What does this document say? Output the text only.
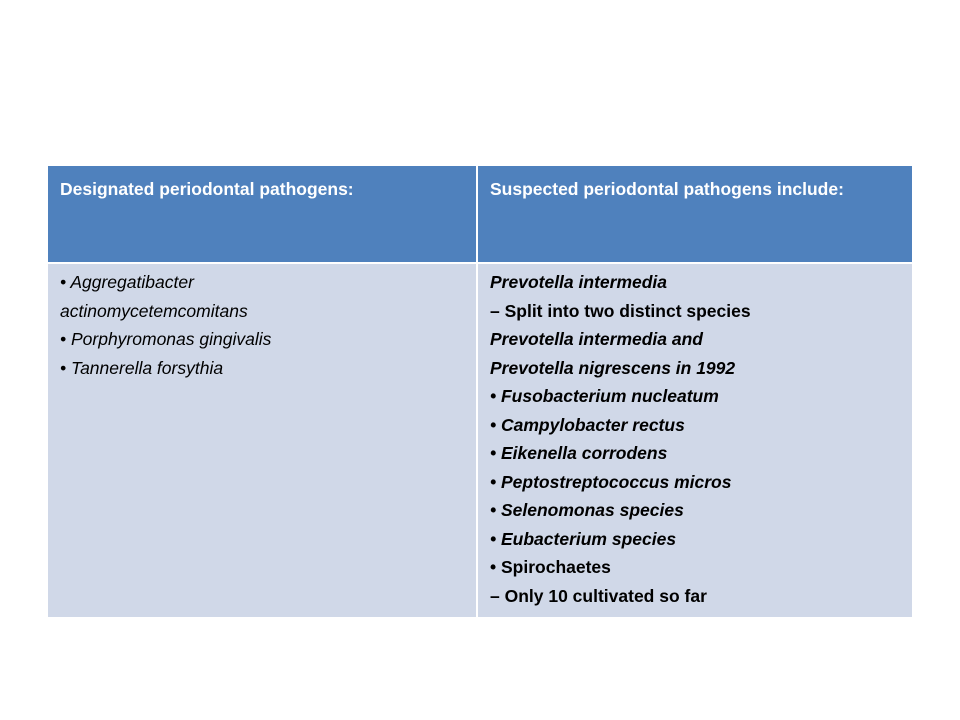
Designated periodontal pathogens:	Suspected periodontal pathogens include:
• Aggregatibacter
actinomycetemcomitans
• Porphyromonas gingivalis
• Tannerella forsythia
Prevotella intermedia
– Split into two distinct species
Prevotella intermedia and
Prevotella nigrescens in 1992
• Fusobacterium nucleatum
• Campylobacter rectus
• Eikenella corrodens
• Peptostreptococcus micros
• Selenomonas species
• Eubacterium species
• Spirochaetes
– Only 10 cultivated so far
